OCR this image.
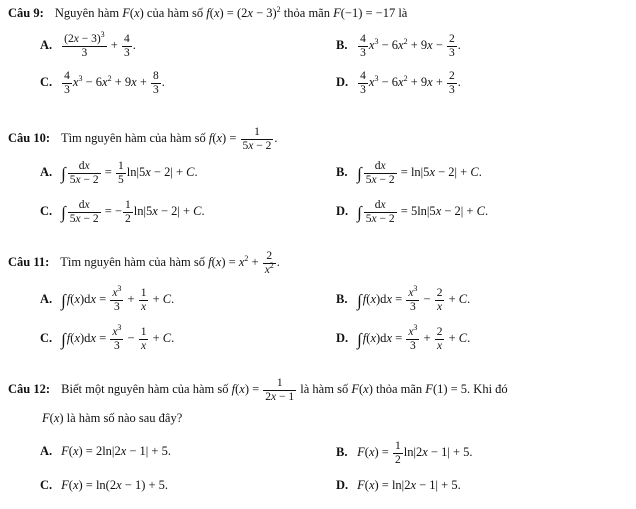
Câu 9: Nguyên hàm F(x) của hàm số $f(x) = (2x - 3)^2$ thỏa mãn F(−1) = −17 là
A. $\frac{(2x - 3)^3}{3} + \frac{4}{3}$ .	B. $\frac{4}{3} x^3 - 6x^2 + 9x - \frac{2}{3}$ .
C. $\frac{4}{3} x^3 - 6x^2 + 9x + \frac{8}{3}$ .	D. $\frac{4}{3} x^3 - 6x^2 + 9x + \frac{2}{3}$ .
Câu 10: Tìm nguyên hàm của hàm số $f(x) = \frac{1}{5x - 2}$ .
A. ∫ $\frac{dx}{5x - 2} = \frac{1}{5} \ln|5x - 2| + C$.	B. ∫ $\frac{dx}{5x - 2} = \ln|5x - 2| + C$.
C. ∫ $\frac{dx}{5x - 2}$ = − $\frac{1}{2} \ln|5x - 2| + C$.	D. ∫ $\frac{dx}{5x - 2} = 5\ln|5x - 2| + C$.
Câu 11: Tìm nguyên hàm của hàm số $f(x) = x^2 + \frac{2}{x^2}$ .
A. $\int f(x)dx = \frac{x^3}{3} + \frac{1}{x} + C$.	B. $\int f(x)dx = \frac{x^3}{3} - \frac{2}{x} + C$.
C. $\int f(x)dx = \frac{x^3}{3} - \frac{1}{x} + C$.	D. $\int f(x)dx = \frac{x^3}{3} + \frac{2}{x} + C$.
Câu 12: Biết một nguyên hàm của hàm số $f(x) = \frac{1}{2x - 1}$ là hàm số F(x) thỏa mãn F(1) = 5. Khi đó
F(x) là hàm số nào sau đây?
A. F(x) = 2ln|2x − 1| + 5.	B. $F(x) = \frac{1}{2} \ln|2x - 1| + 5$.
C. F(x) = ln(2x − 1) + 5.	D. F(x) = ln|2x − 1| + 5.
